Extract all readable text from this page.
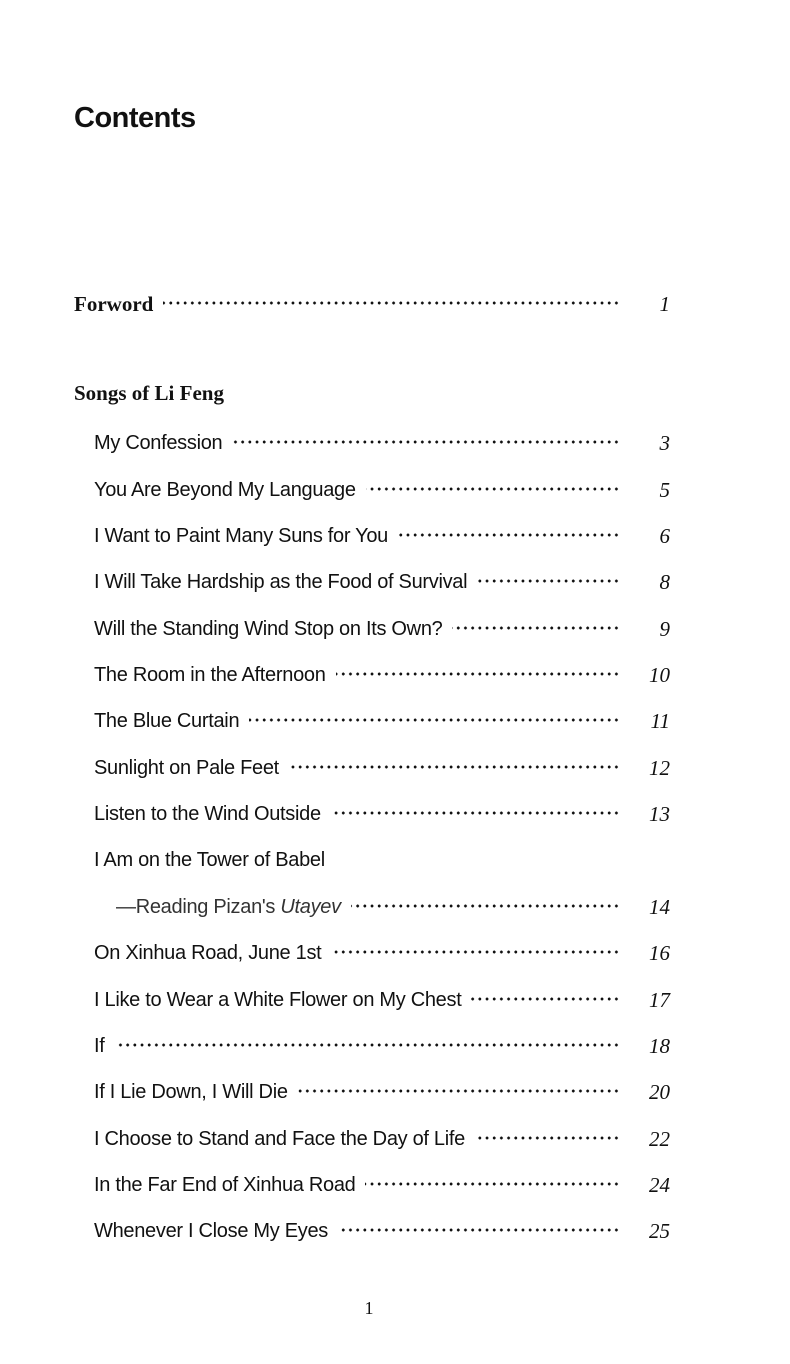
Contents
Forword	1
Songs of Li Feng
My Confession	3
You Are Beyond My Language	5
I Want to Paint Many Suns for You	6
I Will Take Hardship as the Food of Survival	8
Will the Standing Wind Stop on Its Own?	9
The Room in the Afternoon	10
The Blue Curtain	11
Sunlight on Pale Feet	12
Listen to the Wind Outside	13
I Am on the Tower of Babel
—Reading Pizan's Utayev	14
On Xinhua Road, June 1st	16
I Like to Wear a White Flower on My Chest	17
If	18
If I Lie Down, I Will Die	20
I Choose to Stand and Face the Day of Life	22
In the Far End of Xinhua Road	24
Whenever I Close My Eyes	25
1
